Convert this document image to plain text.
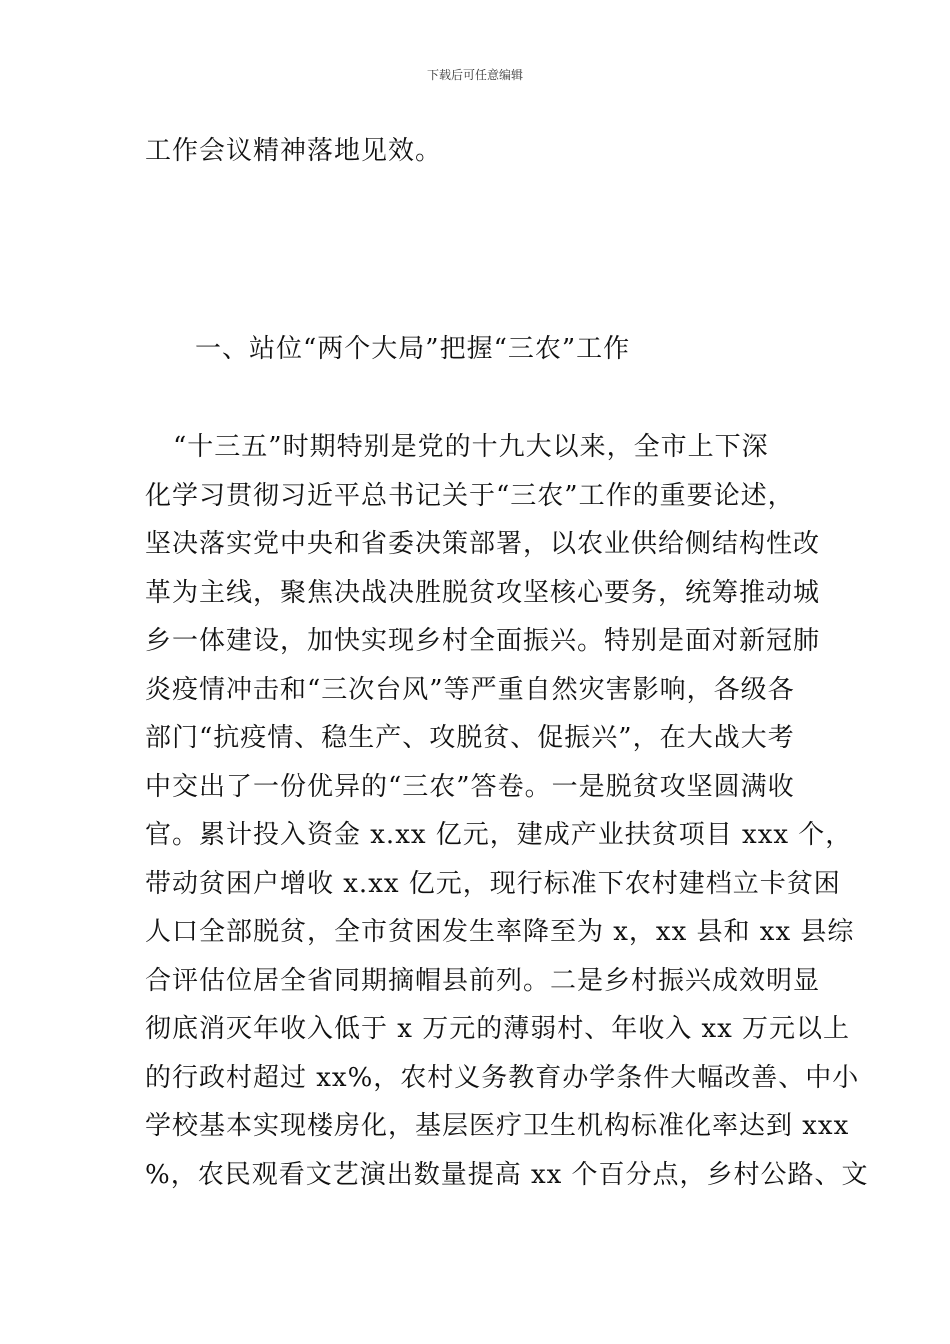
下载后可任意编辑
工作会议精神落地见效。
一、站位“两个大局”把握“三农”工作
“十三五”时期特别是党的十九大以来，全市上下深
化学习贯彻习近平总书记关于“三农”工作的重要论述，
坚决落实党中央和省委决策部署，以农业供给侧结构性改
革为主线，聚焦决战决胜脱贫攻坚核心要务，统筹推动城
乡一体建设，加快实现乡村全面振兴。特别是面对新冠肺
炎疫情冲击和“三次台风”等严重自然灾害影响，各级各
部门“抗疫情、稳生产、攻脱贫、促振兴”，在大战大考
中交出了一份优异的“三农”答卷。一是脱贫攻坚圆满收
官。累计投入资金 x.xx 亿元，建成产业扶贫项目 xxx 个，
带动贫困户增收 x.xx 亿元，现行标准下农村建档立卡贫困
人口全部脱贫，全市贫困发生率降至为 x，xx 县和 xx 县综
合评估位居全省同期摘帽县前列。二是乡村振兴成效明显
彻底消灭年收入低于 x 万元的薄弱村、年收入 xx 万元以上
的行政村超过 xx%，农村义务教育办学条件大幅改善、中小
学校基本实现楼房化，基层医疗卫生机构标准化率达到 xxx
%，农民观看文艺演出数量提高 xx 个百分点，乡村公路、文
